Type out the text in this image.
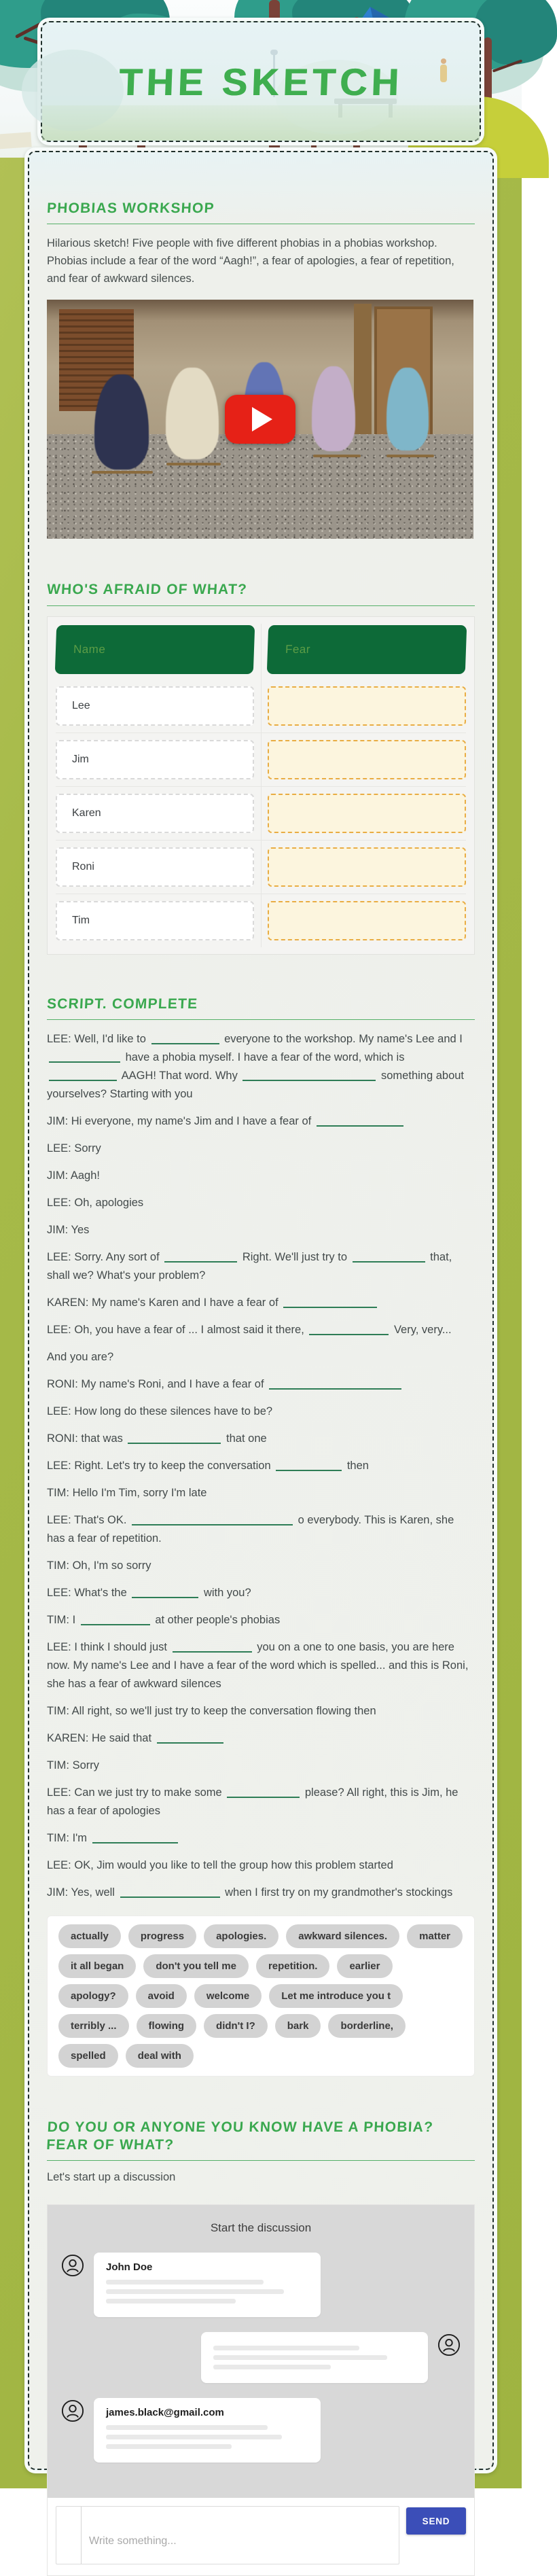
THE SKETCH
PHOBIAS WORKSHOP

Hilarious sketch! Five people with five different phobias in a phobias workshop. Phobias include a fear of the word “Aagh!”, a fear of apologies, a fear of repetition, and fear of awkward silences.

WHO'S AFRAID OF WHAT?
Name	Fear
Lee
Jim
Karen
Roni
Tim
SCRIPT. COMPLETE

LEE: Well, I'd like to	everyone to the workshop. My name's Lee and I  have a phobia myself. I have a fear of the word, which is  AAGH! That word. Why	something about yourselves? Starting with you

JIM: Hi everyone, my name's Jim and I have a fear of

LEE: Sorry

JIM: Aagh!

LEE: Oh, apologies

JIM: Yes

LEE: Sorry. Any sort of	Right. We'll just try to	that, shall we? What's your problem?

KAREN: My name's Karen and I have a fear of

LEE: Oh, you have a fear of ... I almost said it there,	Very, very...

And you are?

RONI: My name's Roni, and I have a fear of

LEE: How long do these silences have to be?

RONI: that was	that one

LEE: Right. Let's try to keep the conversation	then

TIM: Hello I'm Tim, sorry I'm late

LEE: That's OK.	o everybody. This is Karen, she has a fear of repetition.

TIM: Oh, I'm so sorry

LEE: What's the	with you?

TIM: I	at other people's phobias

LEE: I think I should just	you on a one to one basis, you are here now. My name's Lee and I have a fear of the word which is spelled... and this is Roni, she has a fear of awkward silences

TIM: All right, so we'll just try to keep the conversation flowing then

KAREN: He said that

TIM: Sorry

LEE: Can we just try to make some	please? All right, this is Jim, he has a fear of apologies

TIM: I'm

LEE: OK, Jim would you like to tell the group how this problem started

JIM: Yes, well	when I first try on my grandmother's stockings

actually	progress	apologies.	awkward silences.	matter
it all began	don't you tell me	repetition.	earlier
apology?	avoid	welcome	Let me introduce you t
terribly ...	flowing	didn't I?	bark	borderline,
spelled	deal with
DO YOU OR ANYONE YOU KNOW HAVE A PHOBIA? FEAR OF WHAT?

Let's start up a discussion

Start the discussion

John Doe
james.black@gmail.com
Write something...
SEND
